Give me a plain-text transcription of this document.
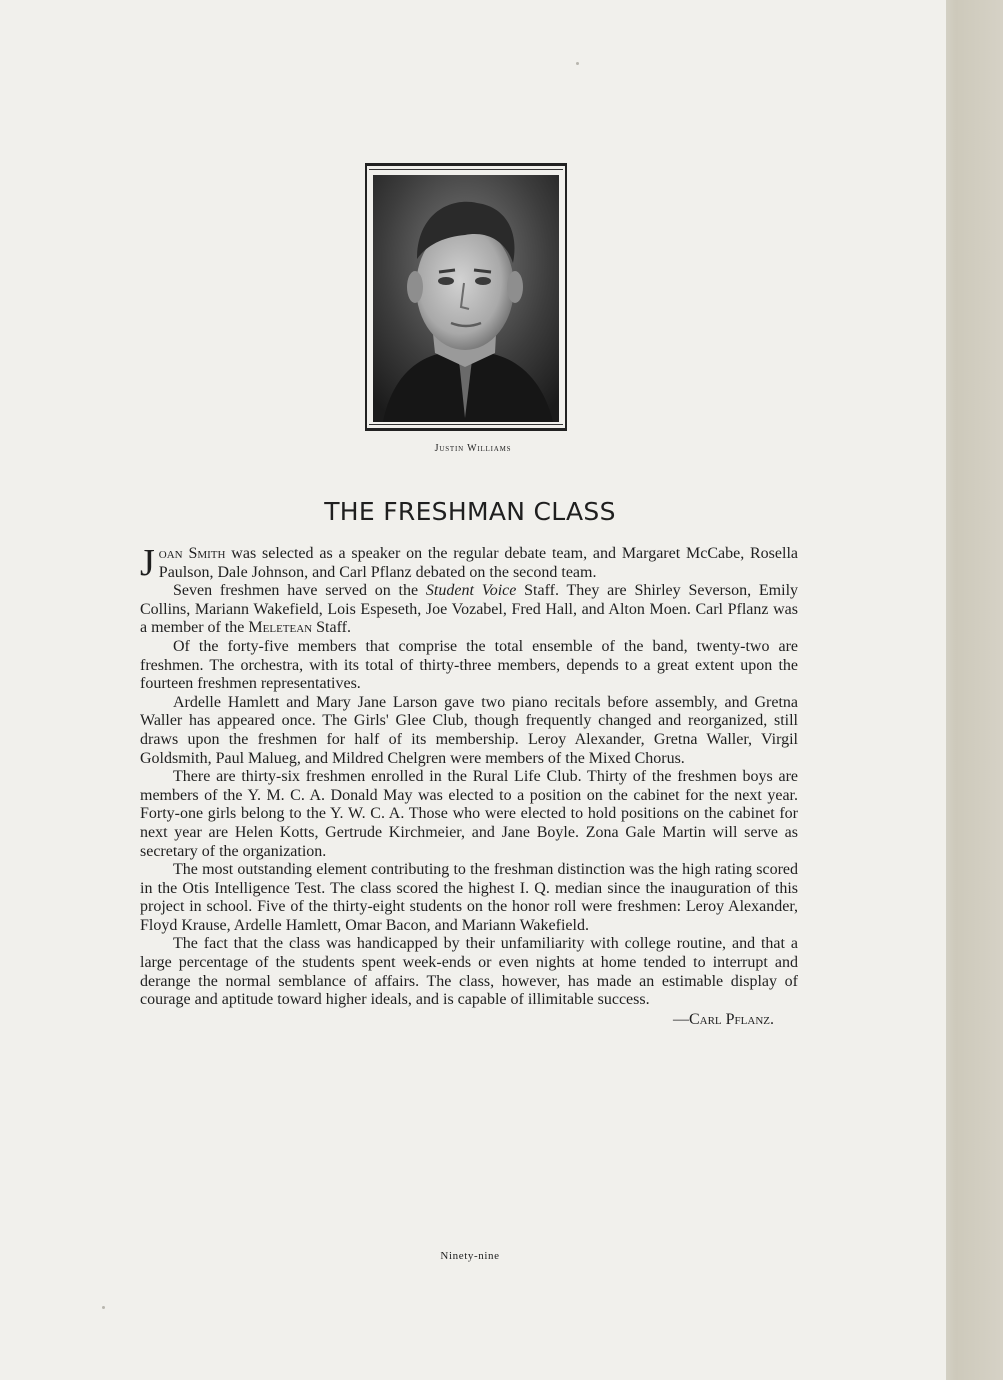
Justin Williams
THE FRESHMAN CLASS

Joan Smith was selected as a speaker on the regular debate team, and Margaret McCabe, Rosella Paulson, Dale Johnson, and Carl Pflanz debated on the second team.

Seven freshmen have served on the Student Voice Staff. They are Shirley Severson, Emily Collins, Mariann Wakefield, Lois Espeseth, Joe Vozabel, Fred Hall, and Alton Moen. Carl Pflanz was a member of the Meletean Staff.

Of the forty-five members that comprise the total ensemble of the band, twenty-two are freshmen. The orchestra, with its total of thirty-three members, depends to a great extent upon the fourteen freshmen representatives.

Ardelle Hamlett and Mary Jane Larson gave two piano recitals before assembly, and Gretna Waller has appeared once. The Girls' Glee Club, though frequently changed and reorganized, still draws upon the freshmen for half of its membership. Leroy Alexander, Gretna Waller, Virgil Goldsmith, Paul Malueg, and Mildred Chelgren were members of the Mixed Chorus.

There are thirty-six freshmen enrolled in the Rural Life Club. Thirty of the freshmen boys are members of the Y. M. C. A. Donald May was elected to a position on the cabinet for the next year. Forty-one girls belong to the Y. W. C. A. Those who were elected to hold positions on the cabinet for next year are Helen Kotts, Gertrude Kirchmeier, and Jane Boyle. Zona Gale Martin will serve as secretary of the organization.

The most outstanding element contributing to the freshman distinction was the high rating scored in the Otis Intelligence Test. The class scored the highest I. Q. median since the inauguration of this project in school. Five of the thirty-eight students on the honor roll were freshmen: Leroy Alexander, Floyd Krause, Ardelle Hamlett, Omar Bacon, and Mariann Wakefield.

The fact that the class was handicapped by their unfamiliarity with college routine, and that a large percentage of the students spent week-ends or even nights at home tended to interrupt and derange the normal semblance of affairs. The class, however, has made an estimable display of courage and aptitude toward higher ideals, and is capable of illimitable success.

—Carl Pflanz.
Ninety-nine
